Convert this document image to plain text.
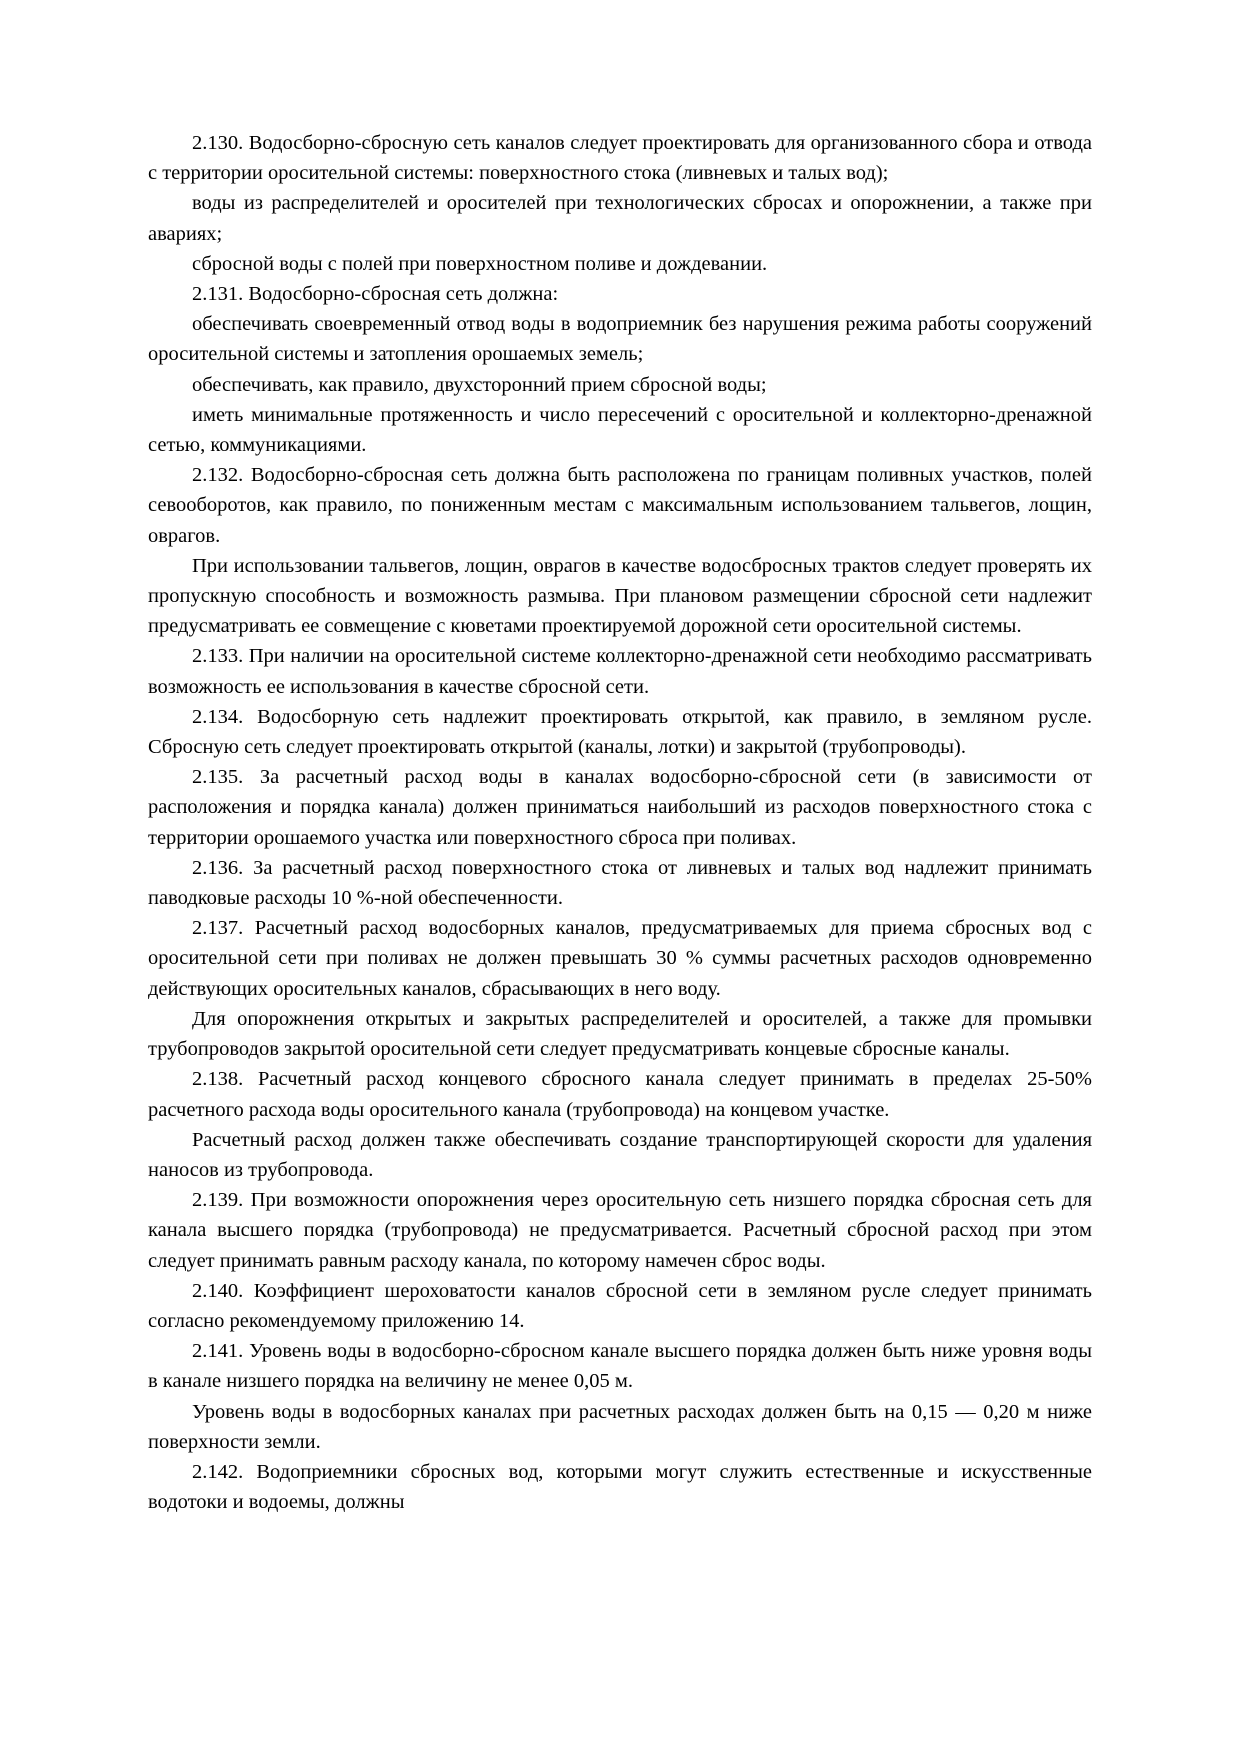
2.130. Водосборно-сбросную сеть каналов следует проектировать для организованного сбора и отвода с территории оросительной системы: поверхностного стока (ливневых и талых вод);

воды из распределителей и оросителей при технологических сбросах и опорожнении, а также при авариях;

сбросной воды с полей при поверхностном поливе и дождевании.

2.131. Водосборно-сбросная сеть должна:

обеспечивать своевременный отвод воды в водоприемник без нарушения режима работы сооружений оросительной системы и затопления орошаемых земель;

обеспечивать, как правило, двухсторонний прием сбросной воды;

иметь минимальные протяженность и число пересечений с оросительной и коллекторно-дренажной сетью, коммуникациями.

2.132. Водосборно-сбросная сеть должна быть расположена по границам поливных участков, полей севооборотов, как правило, по пониженным местам с максимальным использованием тальвегов, лощин, оврагов.

При использовании тальвегов, лощин, оврагов в качестве водосбросных трактов следует проверять их пропускную способность и возможность размыва. При плановом размещении сбросной сети надлежит предусматривать ее совмещение с кюветами проектируемой дорожной сети оросительной системы.

2.133. При наличии на оросительной системе коллекторно-дренажной сети необходимо рассматривать возможность ее использования в качестве сбросной сети.

2.134. Водосборную сеть надлежит проектировать открытой, как правило, в земляном русле. Сбросную сеть следует проектировать открытой (каналы, лотки) и закрытой (трубопроводы).

2.135. За расчетный расход воды в каналах водосборно-сбросной сети (в зависимости от расположения и порядка канала) должен приниматься наибольший из расходов поверхностного стока с территории орошаемого участка или поверхностного сброса при поливах.

2.136. За расчетный расход поверхностного стока от ливневых и талых вод надлежит принимать паводковые расходы 10 %-ной обеспеченности.

2.137. Расчетный расход водосборных каналов, предусматриваемых для приема сбросных вод с оросительной сети при поливах не должен превышать 30 % суммы расчетных расходов одновременно действующих оросительных каналов, сбрасывающих в него воду.

Для опорожнения открытых и закрытых распределителей и оросителей, а также для промывки трубопроводов закрытой оросительной сети следует предусматривать концевые сбросные каналы.

2.138. Расчетный расход концевого сбросного канала следует принимать в пределах 25-50% расчетного расхода воды оросительного канала (трубопровода) на концевом участке.

Расчетный расход должен также обеспечивать создание транспортирующей скорости для удаления наносов из трубопровода.

2.139. При возможности опорожнения через оросительную сеть низшего порядка сбросная сеть для канала высшего порядка (трубопровода) не предусматривается. Расчетный сбросной расход при этом следует принимать равным расходу канала, по которому намечен сброс воды.

2.140. Коэффициент шероховатости каналов сбросной сети в земляном русле следует принимать согласно рекомендуемому приложению 14.

2.141. Уровень воды в водосборно-сбросном канале высшего порядка должен быть ниже уровня воды в канале низшего порядка на величину не менее 0,05 м.

Уровень воды в водосборных каналах при расчетных расходах должен быть на 0,15 — 0,20 м ниже поверхности земли.

2.142. Водоприемники сбросных вод, которыми могут служить естественные и искусственные водотоки и водоемы, должны
